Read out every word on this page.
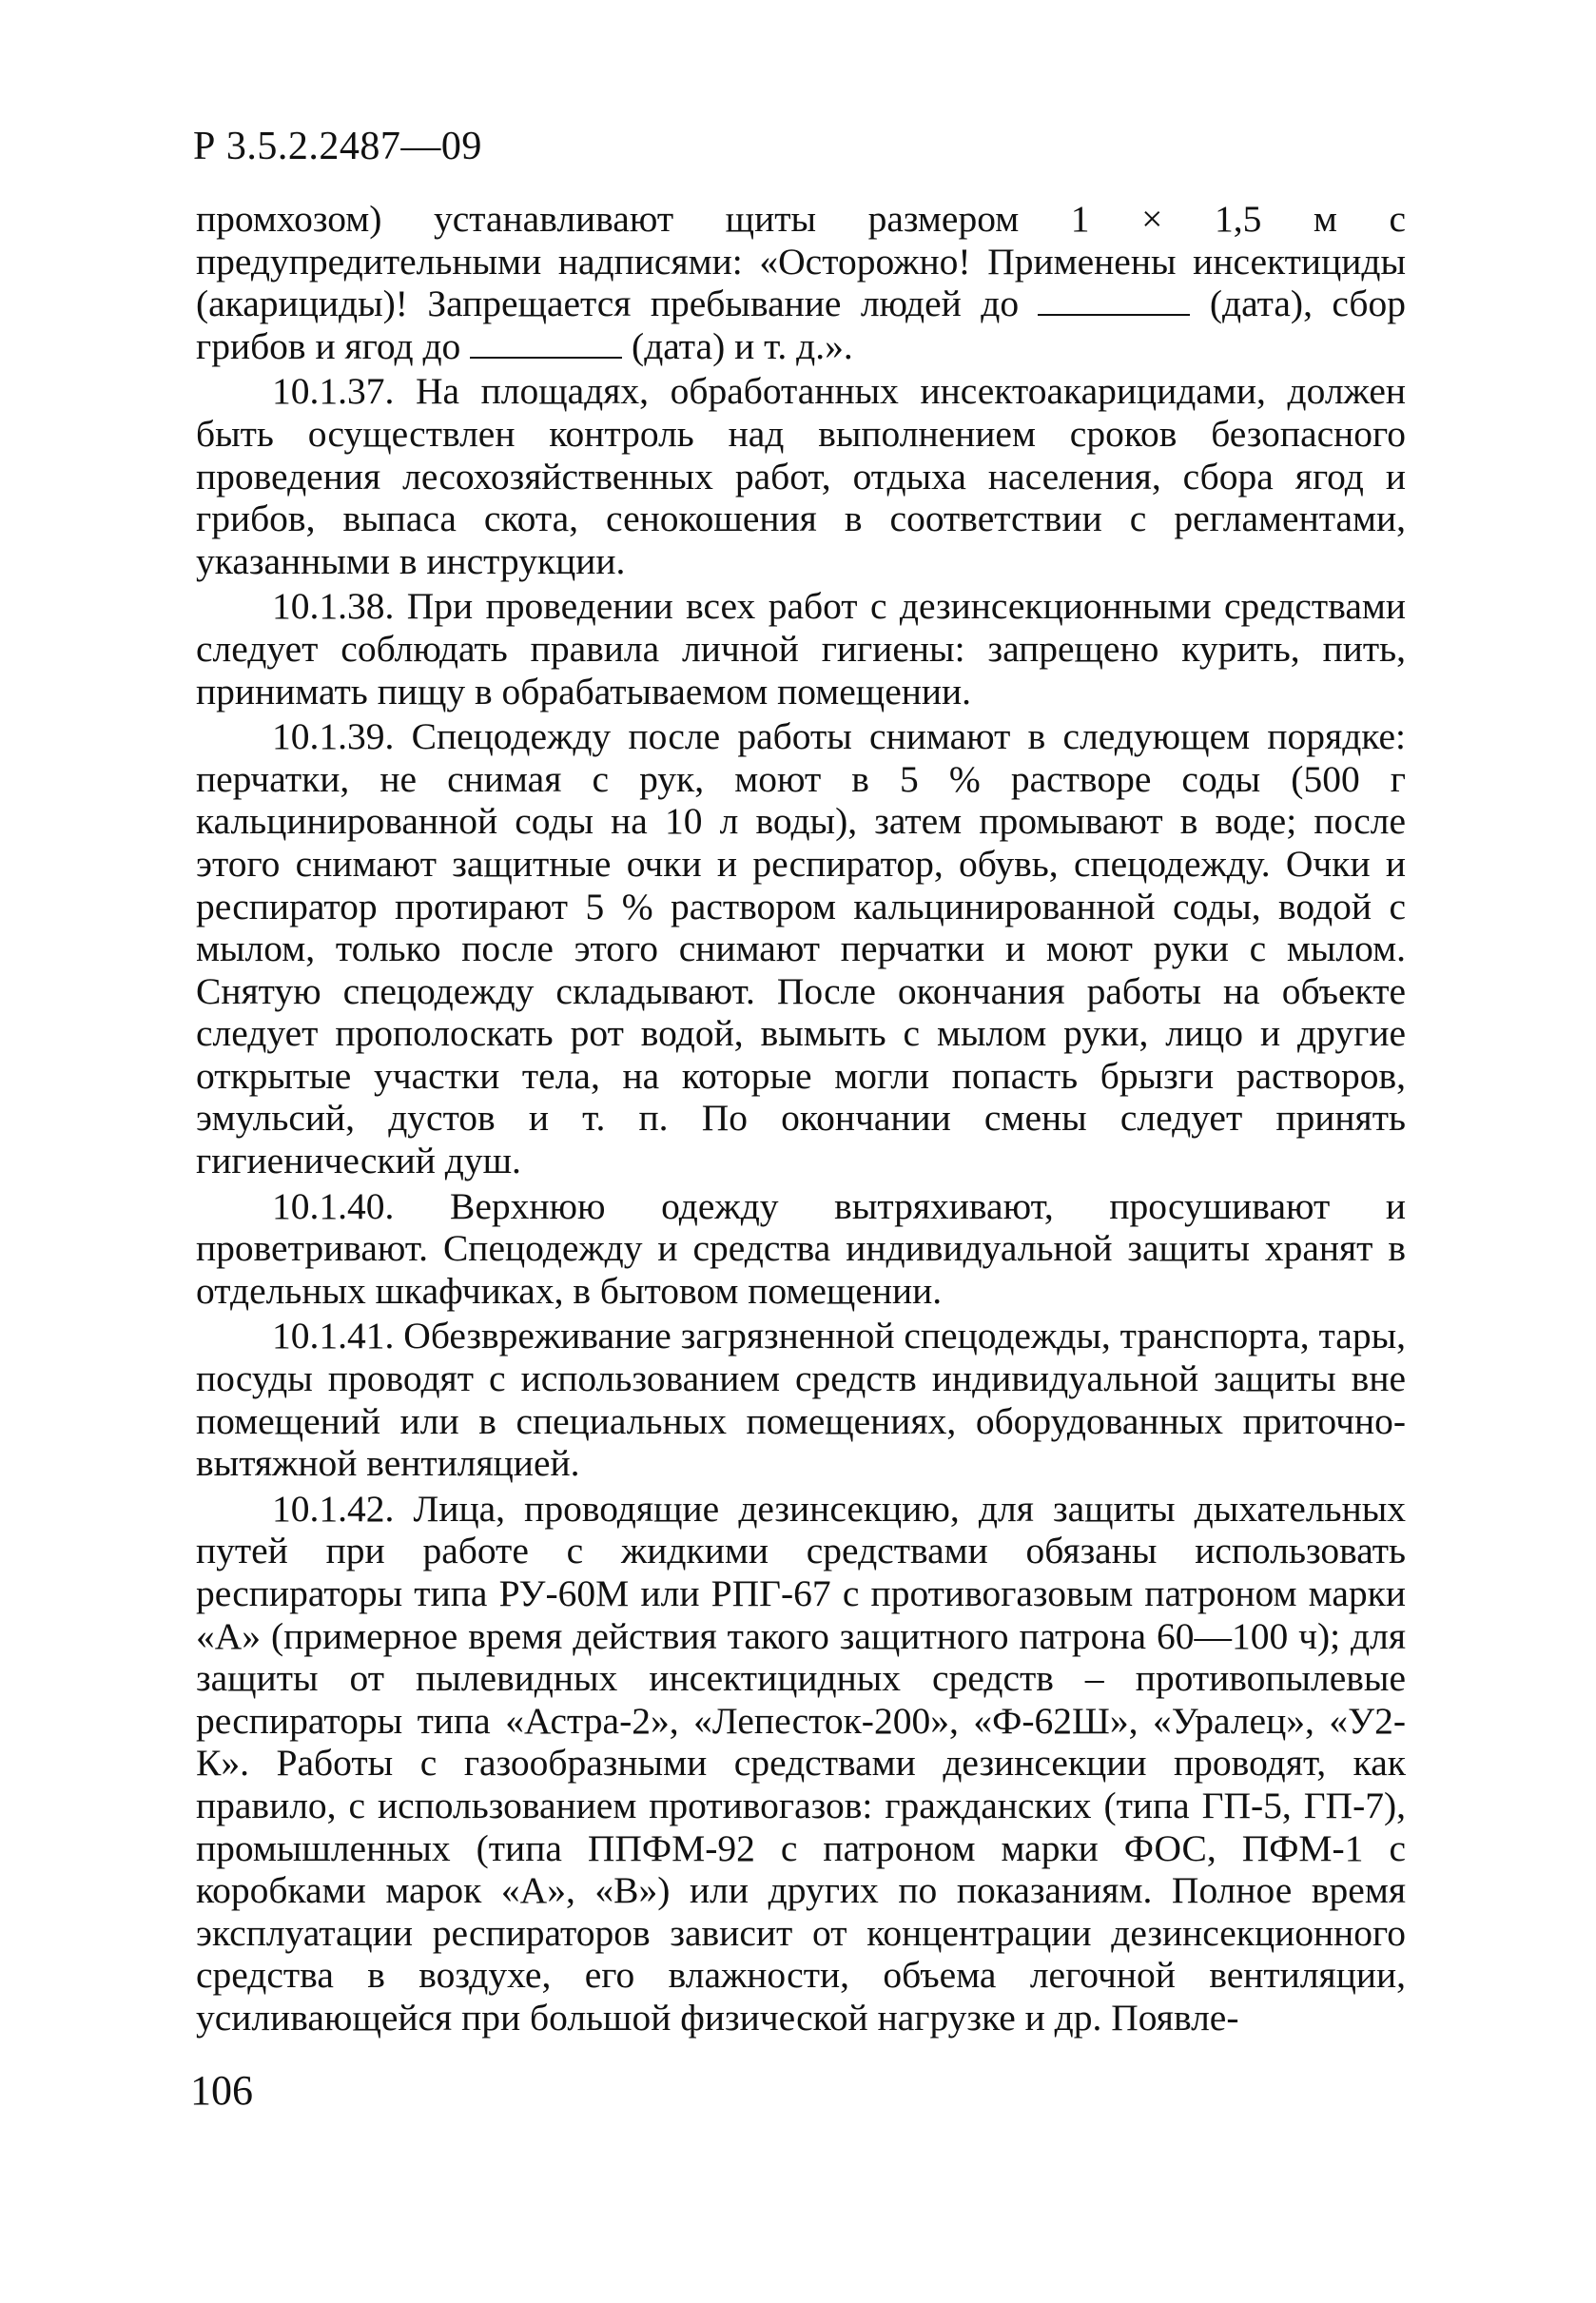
Р 3.5.2.2487—09

промхозом) устанавливают щиты размером 1 × 1,5 м с предупредительными надписями: «Осторожно! Применены инсектициды (акарициды)! Запрещается пребывание людей до	(дата), сбор грибов и ягод до	(дата) и т. д.».

10.1.37. На площадях, обработанных инсектоакарицидами, должен быть осуществлен контроль над выполнением сроков безопасного проведения лесохозяйственных работ, отдыха населения, сбора ягод и грибов, выпаса скота, сенокошения в соответствии с регламентами, указанными в инструкции.

10.1.38. При проведении всех работ с дезинсекционными средствами следует соблюдать правила личной гигиены: запрещено курить, пить, принимать пищу в обрабатываемом помещении.

10.1.39. Спецодежду после работы снимают в следующем порядке: перчатки, не снимая с рук, моют в 5 % растворе соды (500 г кальцинированной соды на 10 л воды), затем промывают в воде; после этого снимают защитные очки и респиратор, обувь, спецодежду. Очки и респиратор протирают 5 % раствором кальцинированной соды, водой с мылом, только после этого снимают перчатки и моют руки с мылом. Снятую спецодежду складывают. После окончания работы на объекте следует прополоскать рот водой, вымыть с мылом руки, лицо и другие открытые участки тела, на которые могли попасть брызги растворов, эмульсий, дустов и т. п. По окончании смены следует принять гигиенический душ.

10.1.40. Верхнюю одежду вытряхивают, просушивают и проветривают. Спецодежду и средства индивидуальной защиты хранят в отдельных шкафчиках, в бытовом помещении.

10.1.41. Обезвреживание загрязненной спецодежды, транспорта, тары, посуды проводят с использованием средств индивидуальной защиты вне помещений или в специальных помещениях, оборудованных приточно-вытяжной вентиляцией.

10.1.42. Лица, проводящие дезинсекцию, для защиты дыхательных путей при работе с жидкими средствами обязаны использовать респираторы типа РУ-60М или РПГ-67 с противогазовым патроном марки «А» (примерное время действия такого защитного патрона 60—100 ч); для защиты от пылевидных инсектицидных средств – противопылевые респираторы типа «Астра-2», «Лепесток-200», «Ф-62Ш», «Уралец», «У2-К». Работы с газообразными средствами дезинсекции проводят, как правило, с использованием противогазов: гражданских (типа ГП-5, ГП-7), промышленных (типа ППФМ-92 с патроном марки ФОС, ПФМ-1 с коробками марок «А», «В») или других по показаниям. Полное время эксплуатации респираторов зависит от концентрации дезинсекционного средства в воздухе, его влажности, объема легочной вентиляции, усиливающейся при большой физической нагрузке и др. Появле-

106
